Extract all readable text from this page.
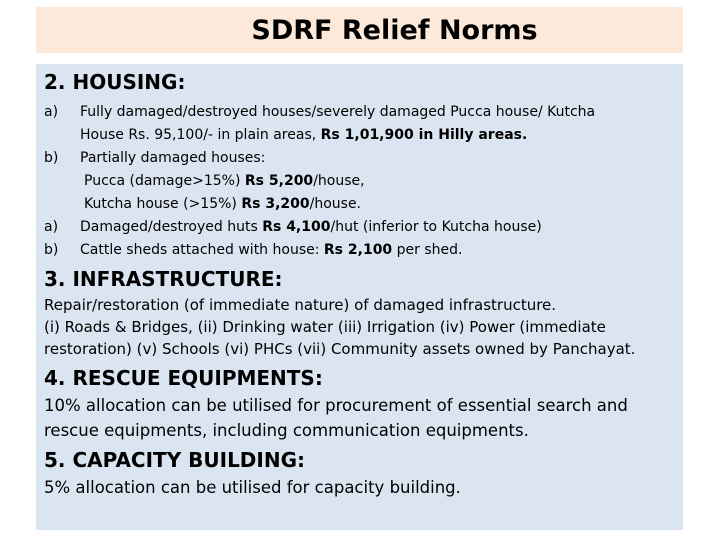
SDRF Relief Norms
2. HOUSING:
a)	Fully damaged/destroyed houses/severely damaged Pucca house/ Kutcha
House Rs. 95,100/- in plain areas, Rs 1,01,900 in Hilly areas.
b)	Partially damaged houses:
Pucca (damage>15%) Rs 5,200/house,
Kutcha house (>15%) Rs 3,200/house.
a)	Damaged/destroyed huts Rs 4,100/hut (inferior to Kutcha house)
b)	Cattle sheds attached with house: Rs 2,100 per shed.
3. INFRASTRUCTURE:
Repair/restoration (of immediate nature) of damaged infrastructure.
(i) Roads & Bridges, (ii) Drinking water (iii) Irrigation (iv) Power (immediate
restoration) (v) Schools (vi) PHCs (vii) Community assets owned by Panchayat.
4. RESCUE EQUIPMENTS:
10% allocation can be utilised for procurement of essential search and
rescue equipments, including communication equipments.
5. CAPACITY BUILDING:
5% allocation can be utilised for capacity building.
